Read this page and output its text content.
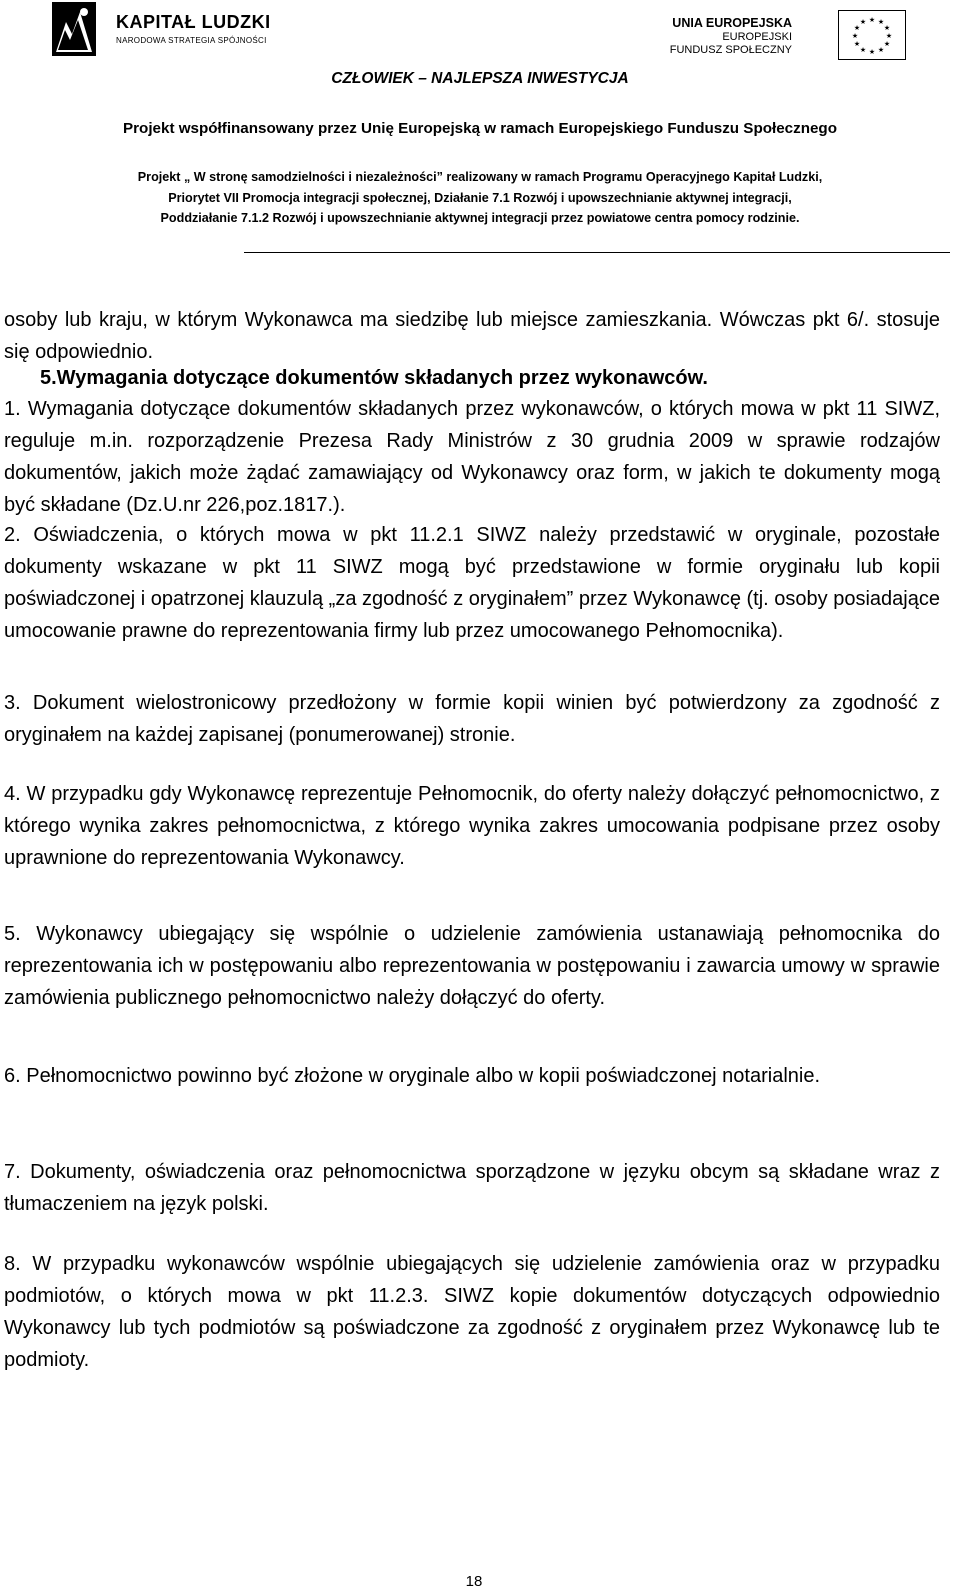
KAPITAŁ LUDZKI
NARODOWA STRATEGIA SPÓJNOŚCI
UNIA EUROPEJSKA
EUROPEJSKI
FUNDUSZ SPOŁECZNY
★ ★
★
★
★
★
★
★
★
★
★
★
CZŁOWIEK – NAJLEPSZA INWESTYCJA
Projekt współfinansowany przez Unię Europejską w ramach Europejskiego Funduszu Społecznego
Projekt „ W stronę samodzielności i niezależności” realizowany w ramach Programu Operacyjnego Kapitał Ludzki,
Priorytet VII Promocja integracji społecznej, Działanie 7.1 Rozwój i upowszechnianie aktywnej integracji,
Poddziałanie 7.1.2 Rozwój i upowszechnianie aktywnej integracji przez powiatowe centra pomocy rodzinie.

osoby lub kraju, w którym Wykonawca ma siedzibę lub miejsce zamieszkania. Wówczas pkt 6/. stosuje się odpowiednio.

5.Wymagania dotyczące dokumentów składanych przez wykonawców.

1. Wymagania dotyczące dokumentów składanych przez wykonawców, o których mowa w pkt 11 SIWZ, reguluje m.in. rozporządzenie Prezesa Rady Ministrów z 30 grudnia 2009 w sprawie rodzajów dokumentów, jakich może żądać zamawiający od Wykonawcy oraz form, w jakich te dokumenty mogą być składane (Dz.U.nr 226,poz.1817.).

2. Oświadczenia, o których mowa w pkt 11.2.1 SIWZ należy przedstawić w oryginale, pozostałe dokumenty wskazane w pkt 11 SIWZ mogą być przedstawione w formie oryginału lub kopii poświadczonej i opatrzonej klauzulą „za zgodność z oryginałem” przez Wykonawcę (tj. osoby posiadające umocowanie prawne do reprezentowania firmy lub przez umocowanego Pełnomocnika).

3. Dokument wielostronicowy przedłożony w formie kopii winien być potwierdzony za zgodność z oryginałem na każdej zapisanej (ponumerowanej) stronie.

4. W przypadku gdy Wykonawcę reprezentuje Pełnomocnik, do oferty należy dołączyć pełnomocnictwo, z którego wynika zakres pełnomocnictwa, z którego wynika zakres umocowania podpisane przez osoby uprawnione do reprezentowania Wykonawcy.

5. Wykonawcy ubiegający się wspólnie o udzielenie zamówienia ustanawiają pełnomocnika do reprezentowania ich w postępowaniu albo reprezentowania w postępowaniu i zawarcia umowy w sprawie zamówienia publicznego pełnomocnictwo należy dołączyć do oferty.

6. Pełnomocnictwo powinno być złożone w oryginale albo w kopii poświadczonej notarialnie.

7. Dokumenty, oświadczenia oraz pełnomocnictwa sporządzone w języku obcym są składane wraz z tłumaczeniem na język polski.

8. W przypadku wykonawców wspólnie ubiegających się udzielenie zamówienia oraz w przypadku podmiotów, o których mowa w pkt 11.2.3. SIWZ kopie dokumentów dotyczących odpowiednio Wykonawcy lub tych podmiotów są poświadczone za zgodność z oryginałem przez Wykonawcę lub te podmioty.

18
